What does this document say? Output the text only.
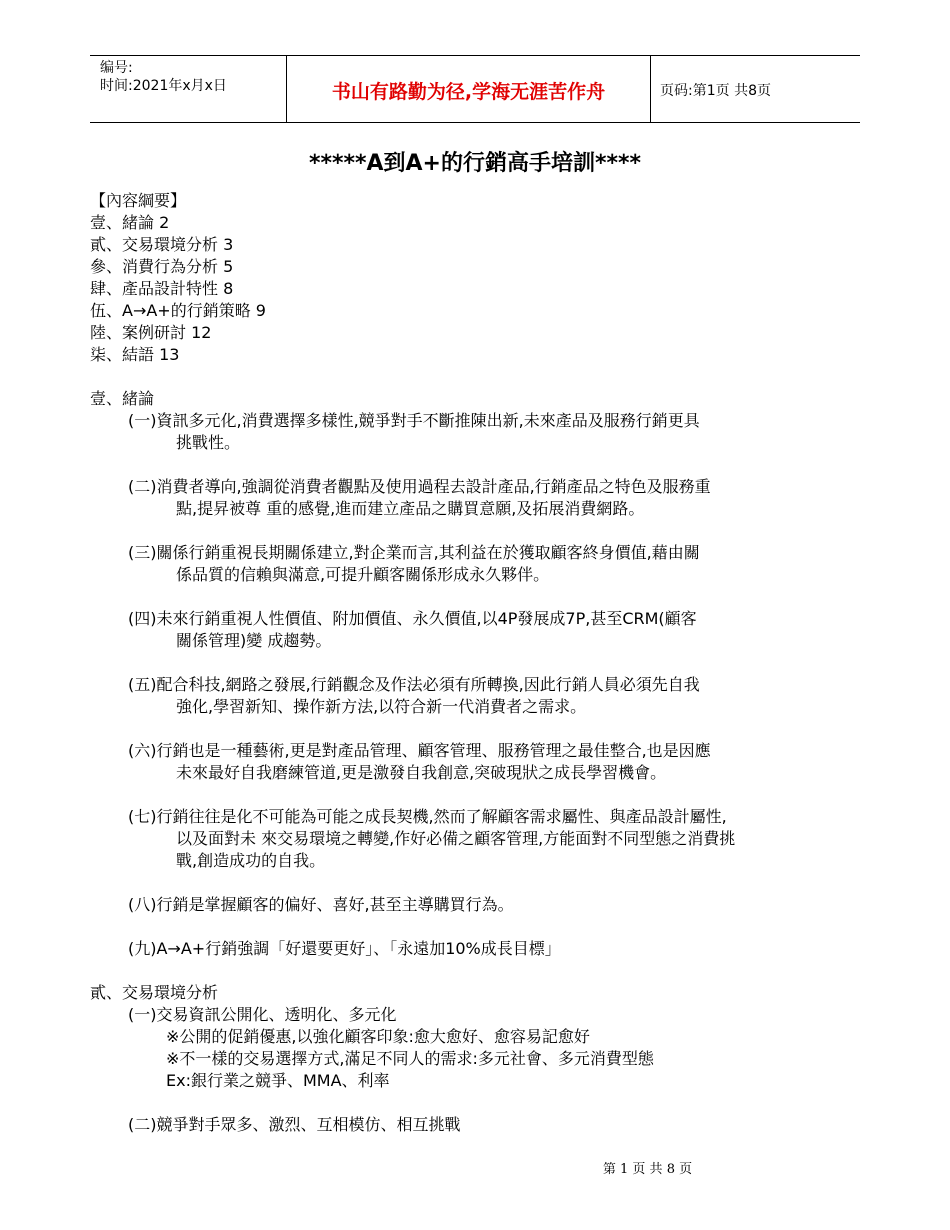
编号:
时间:2021年x月x日	书山有路勤为径,学海无涯苦作舟	页码:第1页 共8页
*****A到A+的行銷高手培訓****
【內容綱要】
壹、緒論 2
貳、交易環境分析 3
參、消費行為分析 5
肆、產品設計特性 8
伍、A→A+的行銷策略 9
陸、案例研討 12
柒、結語 13
壹、緒論
(一)資訊多元化,消費選擇多樣性,競爭對手不斷推陳出新,未來產品及服務行銷更具
挑戰性。
(二)消費者導向,強調從消費者觀點及使用過程去設計產品,行銷產品之特色及服務重
點,提昇被尊 重的感覺,進而建立產品之購買意願,及拓展消費網路。
(三)關係行銷重視長期關係建立,對企業而言,其利益在於獲取顧客終身價值,藉由關
係品質的信賴與滿意,可提升顧客關係形成永久夥伴。
(四)未來行銷重視人性價值、附加價值、永久價值,以4P發展成7P,甚至CRM(顧客
關係管理)變 成趨勢。
(五)配合科技,網路之發展,行銷觀念及作法必須有所轉換,因此行銷人員必須先自我
強化,學習新知、操作新方法,以符合新一代消費者之需求。
(六)行銷也是一種藝術,更是對產品管理、顧客管理、服務管理之最佳整合,也是因應
未來最好自我磨練管道,更是激發自我創意,突破現狀之成長學習機會。
(七)行銷往往是化不可能為可能之成長契機,然而了解顧客需求屬性、與產品設計屬性,
以及面對未 來交易環境之轉變,作好必備之顧客管理,方能面對不同型態之消費挑
戰,創造成功的自我。
(八)行銷是掌握顧客的偏好、喜好,甚至主導購買行為。
(九)A→A+行銷強調「好還要更好」、「永遠加10%成長目標」
貳、交易環境分析
(一)交易資訊公開化、透明化、多元化
※公開的促銷優惠,以強化顧客印象:愈大愈好、愈容易記愈好
※不一樣的交易選擇方式,滿足不同人的需求:多元社會、多元消費型態
Ex:銀行業之競爭、MMA、利率
(二)競爭對手眾多、激烈、互相模仿、相互挑戰
第 1 页 共 8 页
